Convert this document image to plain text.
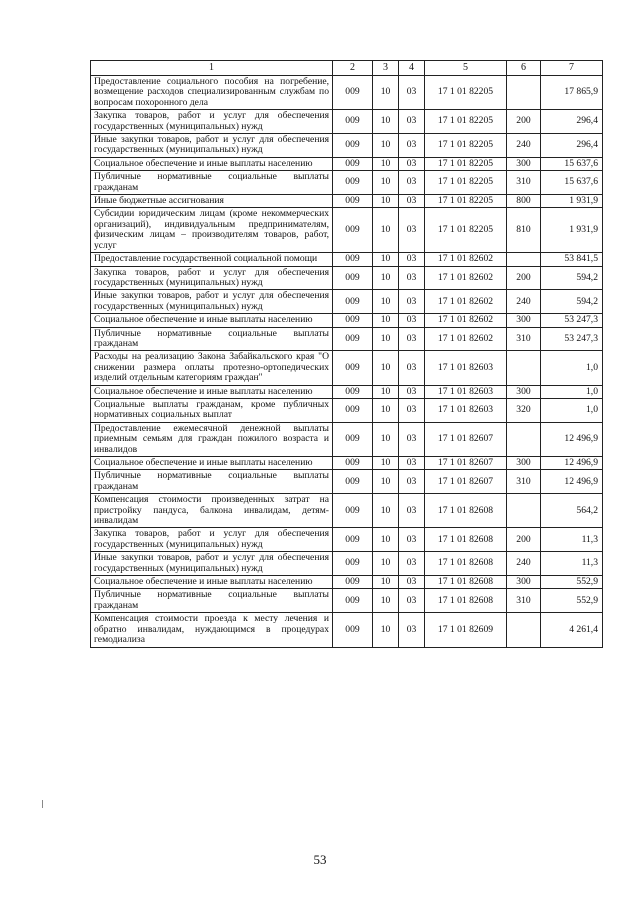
1	2	3	4	5	6	7
Предоставление социального пособия на погребение, возмещение расходов специализированным службам по вопросам похоронного дела	009	10	03	17 1 01 82205		17 865,9
Закупка товаров, работ и услуг для обеспечения государственных (муниципальных) нужд	009	10	03	17 1 01 82205	200	296,4
Иные закупки товаров, работ и услуг для обеспечения государственных (муниципальных) нужд	009	10	03	17 1 01 82205	240	296,4
Социальное обеспечение и иные выплаты населению	009	10	03	17 1 01 82205	300	15 637,6
Публичные нормативные социальные выплаты гражданам	009	10	03	17 1 01 82205	310	15 637,6
Иные бюджетные ассигнования	009	10	03	17 1 01 82205	800	1 931,9
Субсидии юридическим лицам (кроме некоммерческих организаций), индивидуальным предпринимателям, физическим лицам – производителям товаров, работ, услуг	009	10	03	17 1 01 82205	810	1 931,9
Предоставление государственной социальной помощи	009	10	03	17 1 01 82602		53 841,5
Закупка товаров, работ и услуг для обеспечения государственных (муниципальных) нужд	009	10	03	17 1 01 82602	200	594,2
Иные закупки товаров, работ и услуг для обеспечения государственных (муниципальных) нужд	009	10	03	17 1 01 82602	240	594,2
Социальное обеспечение и иные выплаты населению	009	10	03	17 1 01 82602	300	53 247,3
Публичные нормативные социальные выплаты гражданам	009	10	03	17 1 01 82602	310	53 247,3
Расходы на реализацию Закона Забайкальского края "О снижении размера оплаты протезно-ортопедических изделий отдельным категориям граждан"	009	10	03	17 1 01 82603		1,0
Социальное обеспечение и иные выплаты населению	009	10	03	17 1 01 82603	300	1,0
Социальные выплаты гражданам, кроме публичных нормативных социальных выплат	009	10	03	17 1 01 82603	320	1,0
Предоставление ежемесячной денежной выплаты приемным семьям для граждан пожилого возраста и инвалидов	009	10	03	17 1 01 82607		12 496,9
Социальное обеспечение и иные выплаты населению	009	10	03	17 1 01 82607	300	12 496,9
Публичные нормативные социальные выплаты гражданам	009	10	03	17 1 01 82607	310	12 496,9
Компенсация стоимости произведенных затрат на пристройку пандуса, балкона инвалидам, детям-инвалидам	009	10	03	17 1 01 82608		564,2
Закупка товаров, работ и услуг для обеспечения государственных (муниципальных) нужд	009	10	03	17 1 01 82608	200	11,3
Иные закупки товаров, работ и услуг для обеспечения государственных (муниципальных) нужд	009	10	03	17 1 01 82608	240	11,3
Социальное обеспечение и иные выплаты населению	009	10	03	17 1 01 82608	300	552,9
Публичные нормативные социальные выплаты гражданам	009	10	03	17 1 01 82608	310	552,9
Компенсация стоимости проезда к месту лечения и обратно инвалидам, нуждающимся в процедурах гемодиализа	009	10	03	17 1 01 82609		4 261,4
53
